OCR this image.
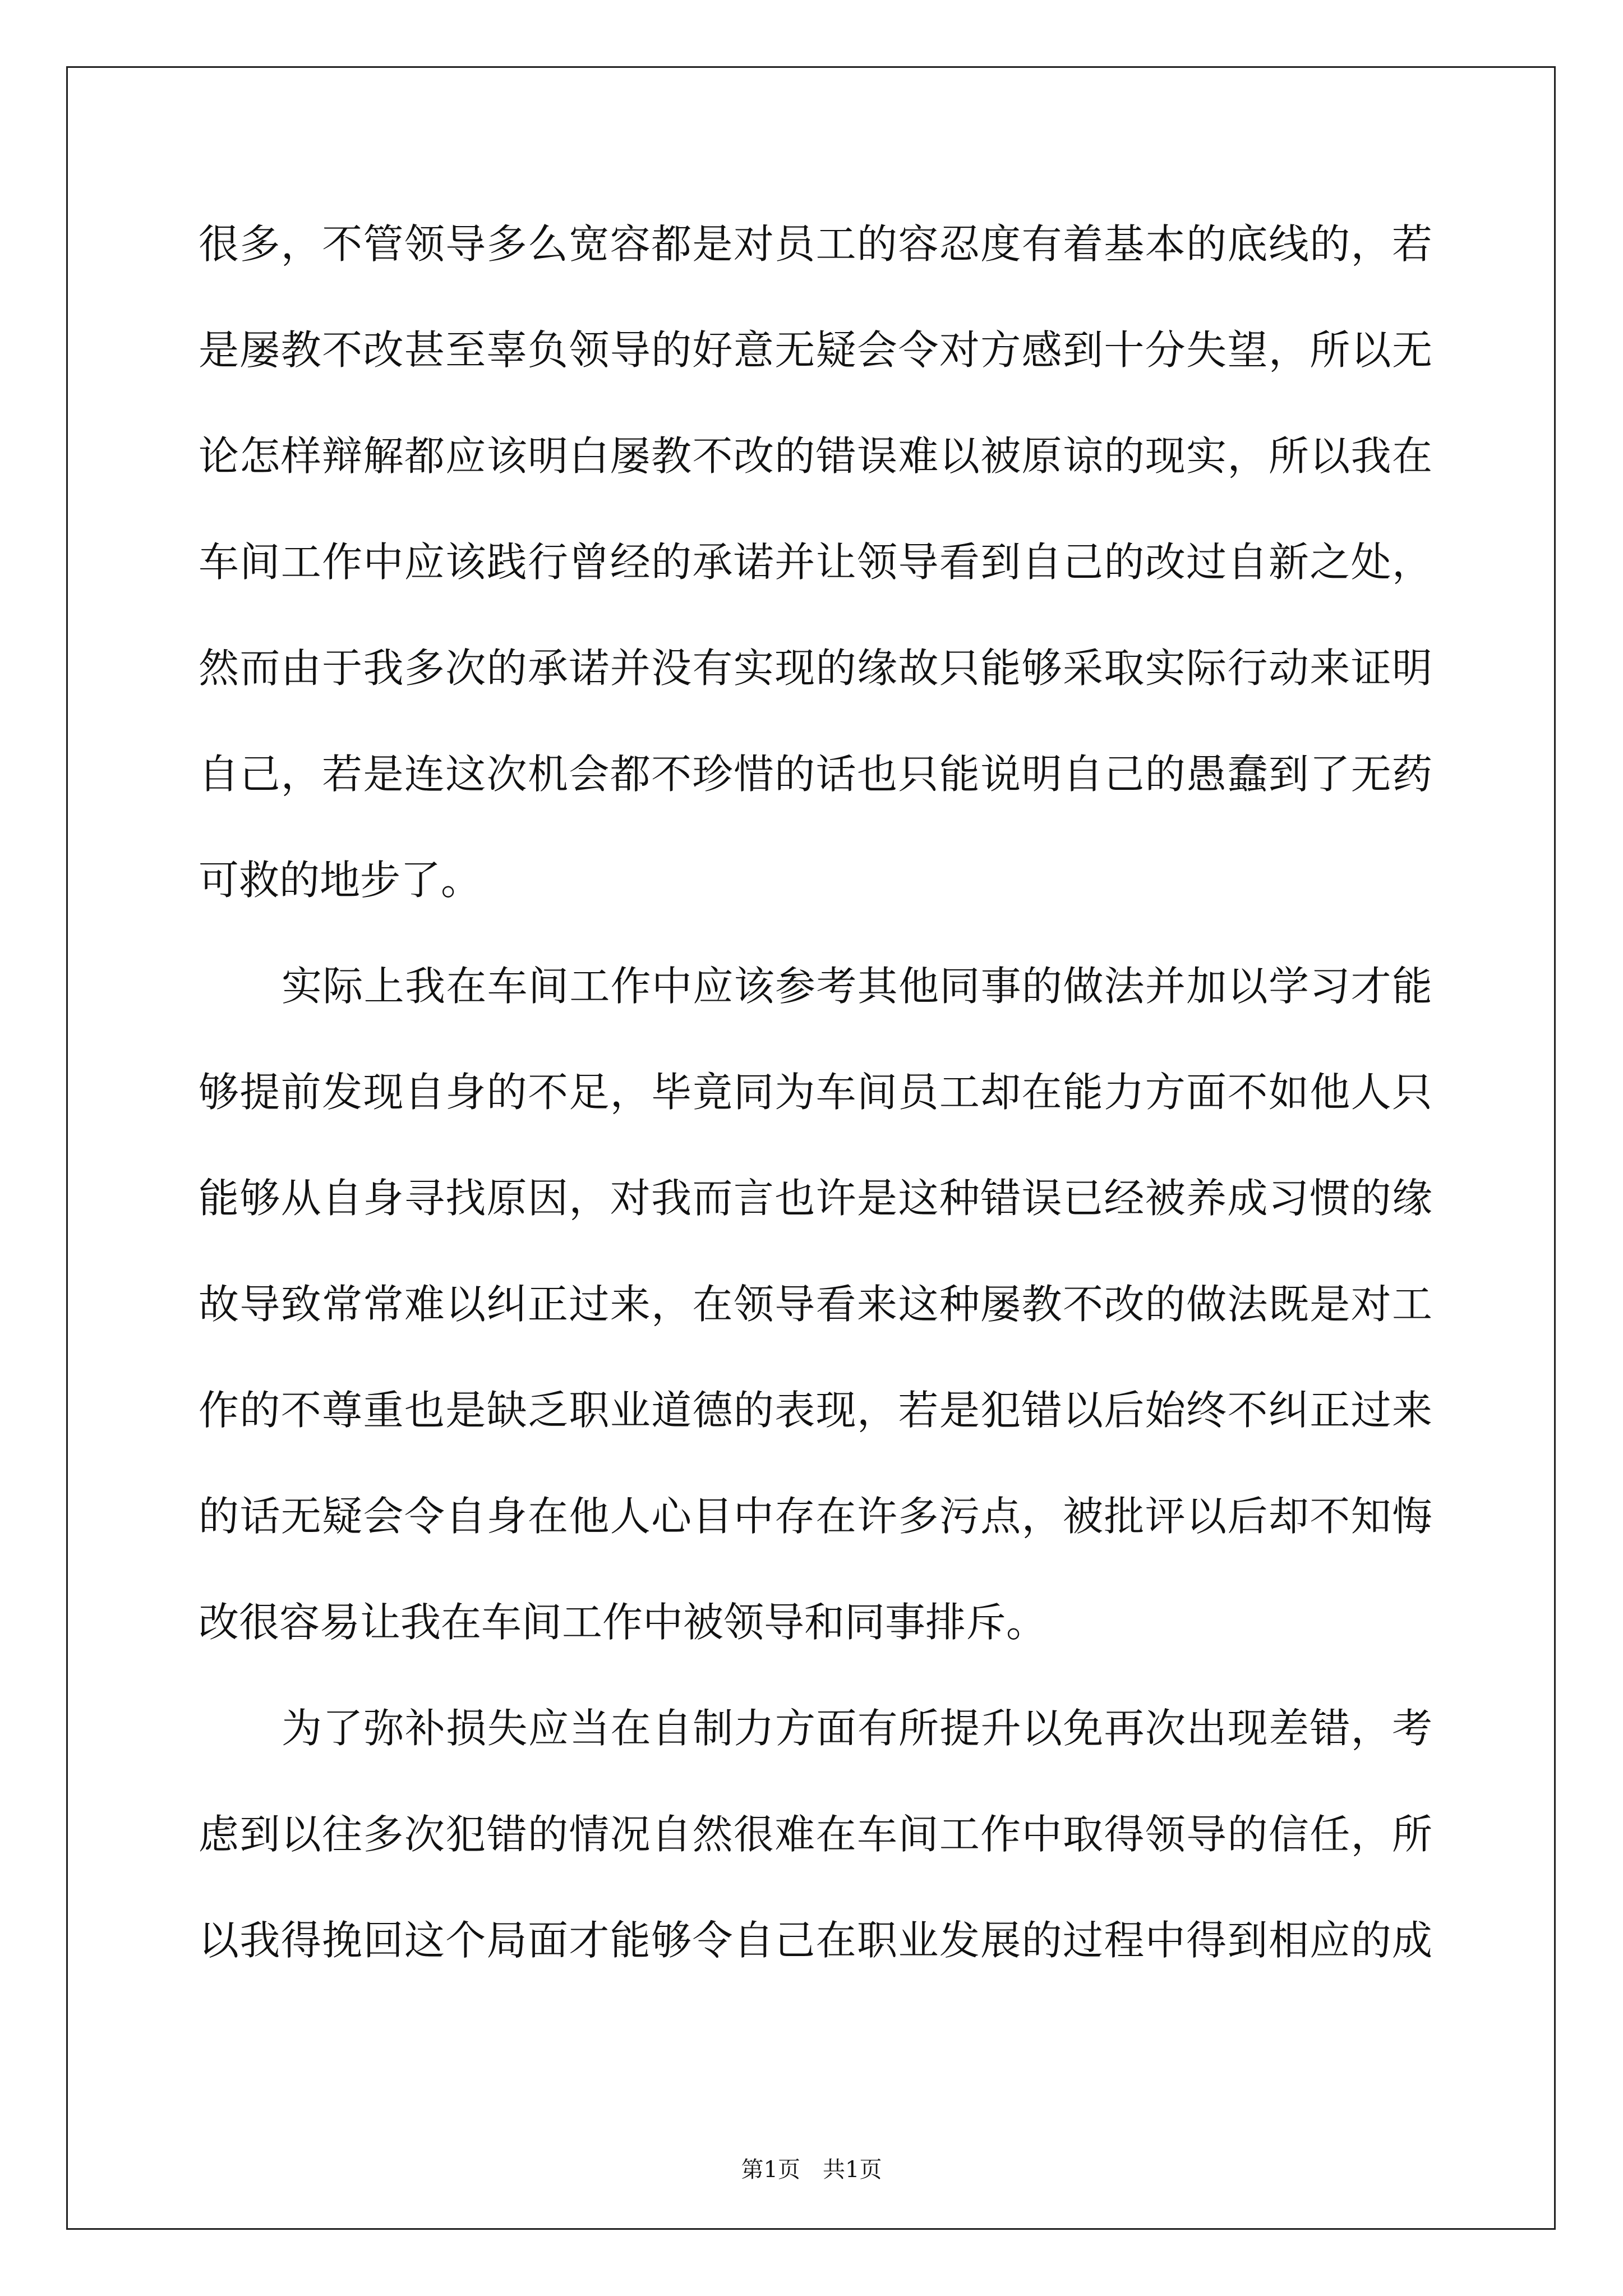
很多，不管领导多么宽容都是对员工的容忍度有着基本的底线的，若
是屡教不改甚至辜负领导的好意无疑会令对方感到十分失望，所以无
论怎样辩解都应该明白屡教不改的错误难以被原谅的现实，所以我在
车间工作中应该践行曾经的承诺并让领导看到自己的改过自新之处，
然而由于我多次的承诺并没有实现的缘故只能够采取实际行动来证明
自己，若是连这次机会都不珍惜的话也只能说明自己的愚蠢到了无药
可救的地步了。
实际上我在车间工作中应该参考其他同事的做法并加以学习才能
够提前发现自身的不足，毕竟同为车间员工却在能力方面不如他人只
能够从自身寻找原因，对我而言也许是这种错误已经被养成习惯的缘
故导致常常难以纠正过来，在领导看来这种屡教不改的做法既是对工
作的不尊重也是缺乏职业道德的表现，若是犯错以后始终不纠正过来
的话无疑会令自身在他人心目中存在许多污点，被批评以后却不知悔
改很容易让我在车间工作中被领导和同事排斥。
为了弥补损失应当在自制力方面有所提升以免再次出现差错，考
虑到以往多次犯错的情况自然很难在车间工作中取得领导的信任，所
以我得挽回这个局面才能够令自己在职业发展的过程中得到相应的成
第1页　共1页
